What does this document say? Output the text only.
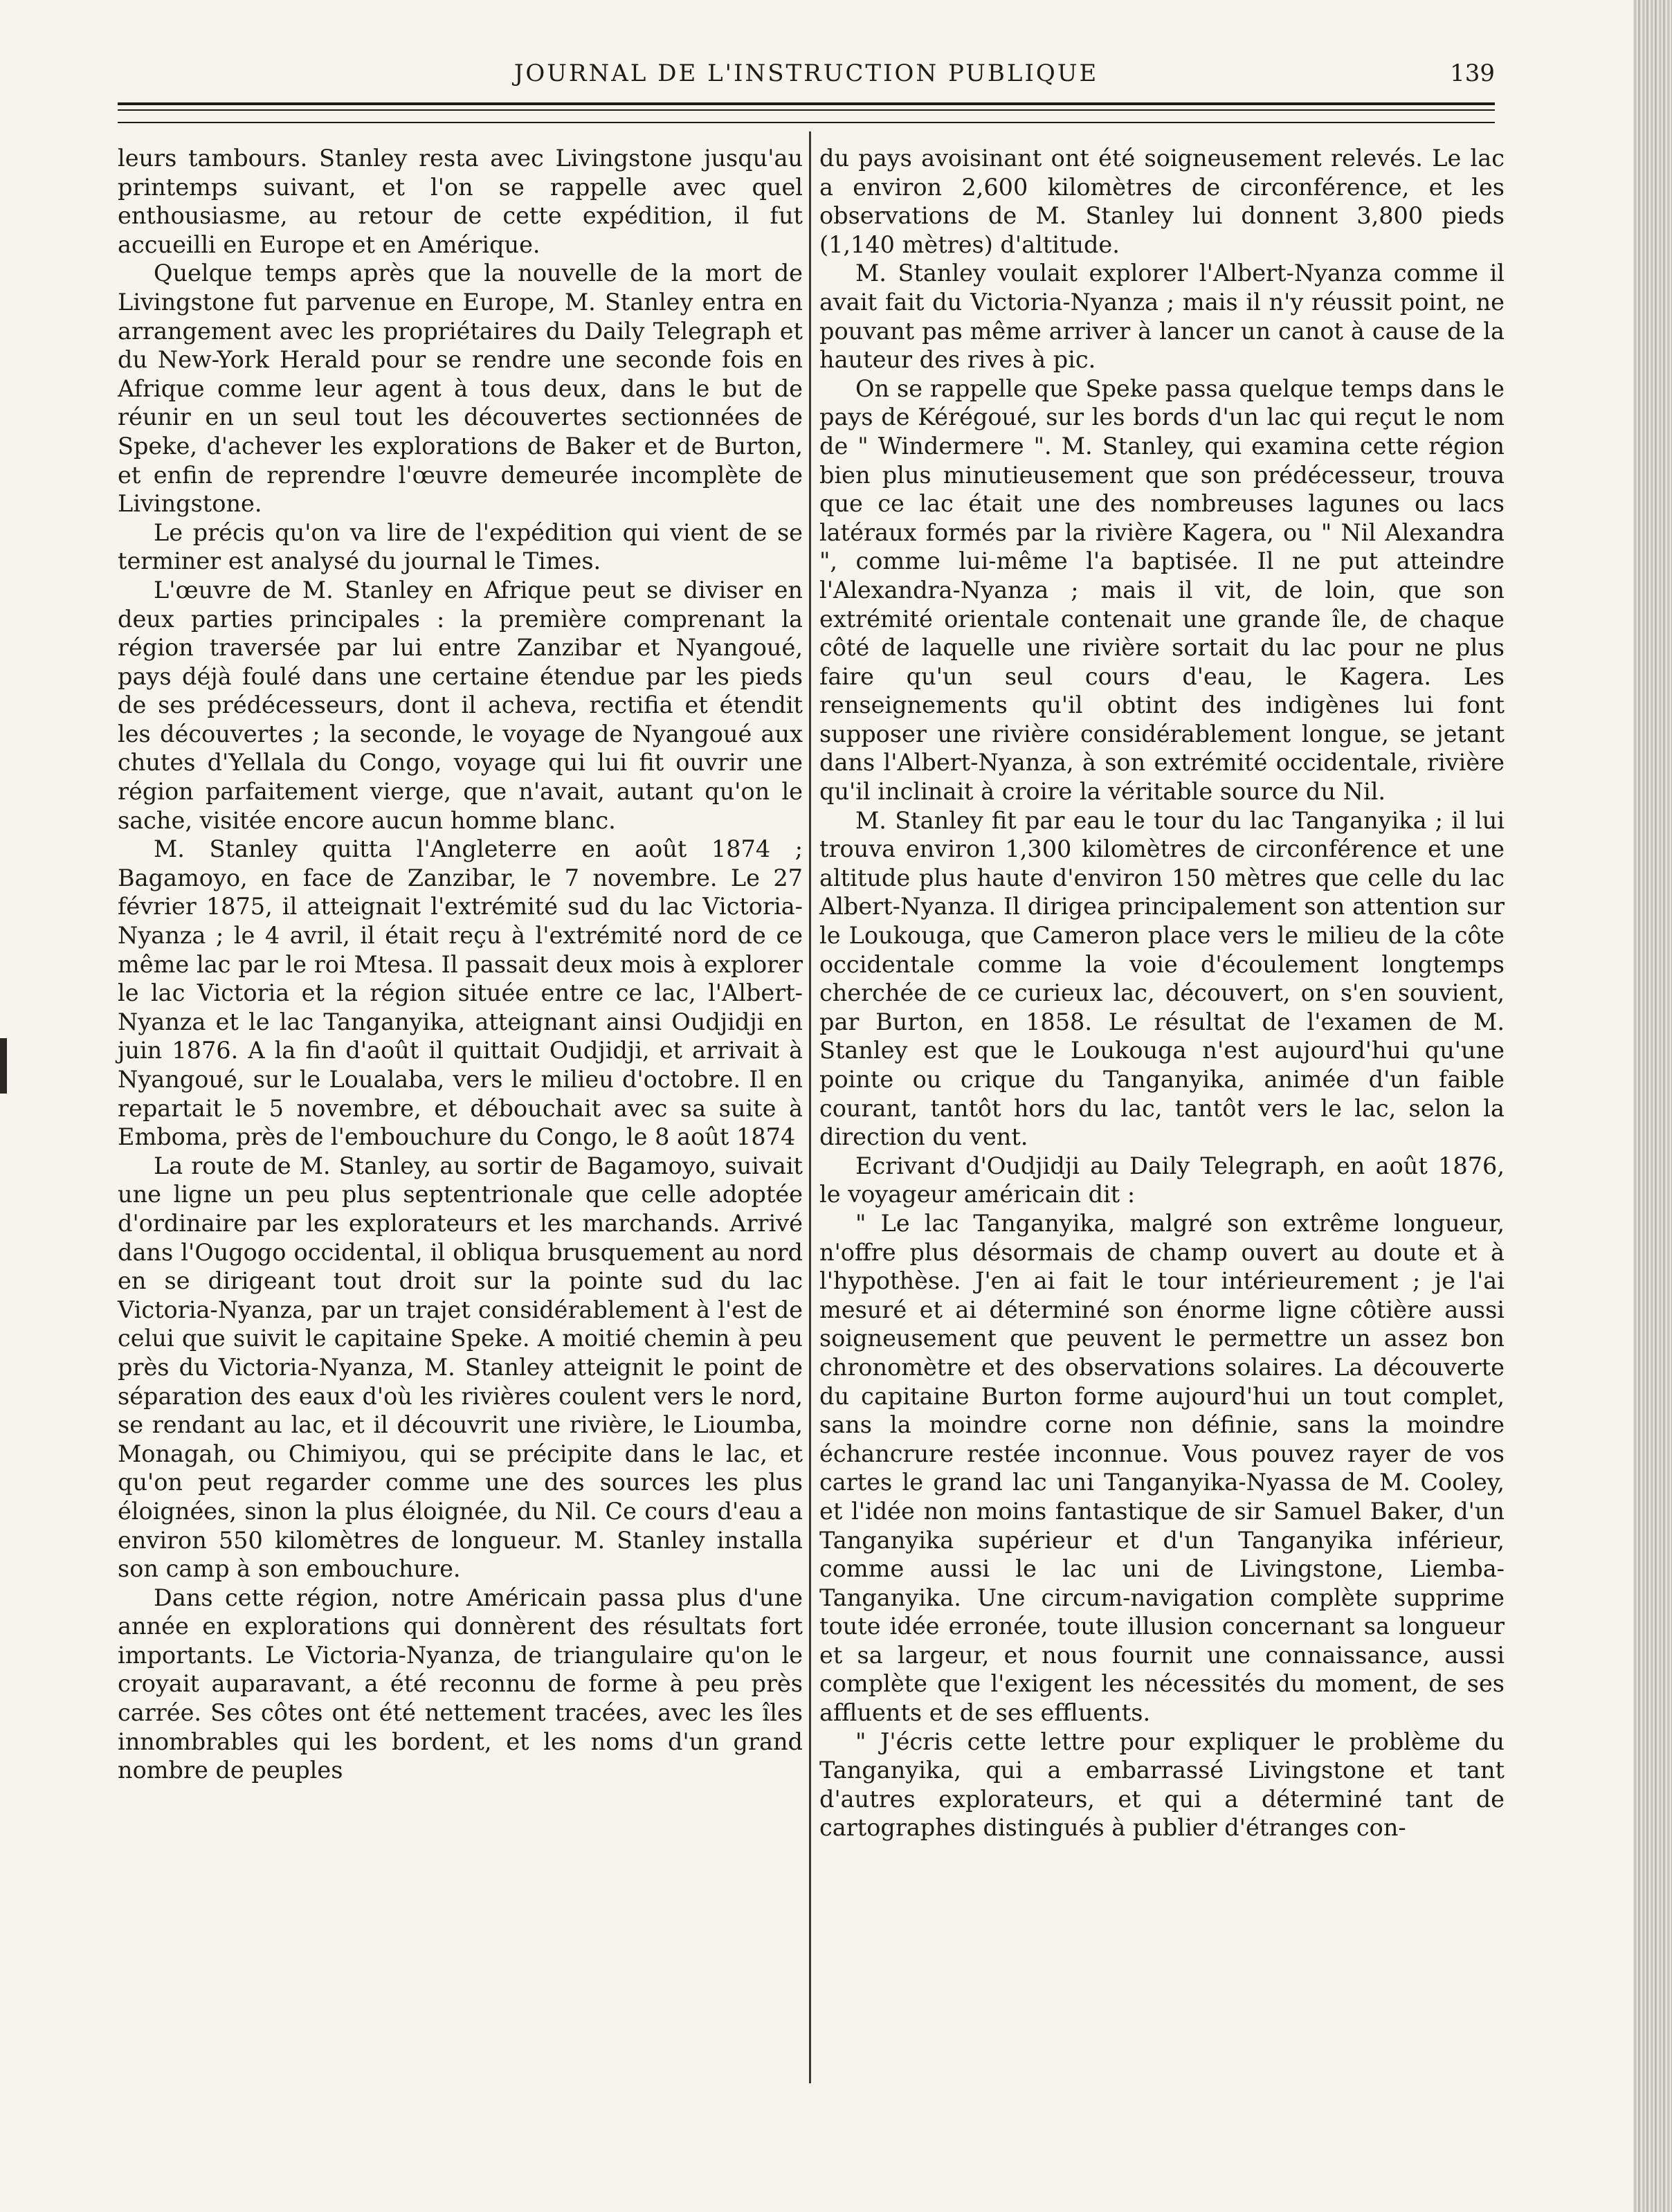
JOURNAL DE L'INSTRUCTION PUBLIQUE	139

leurs tambours. Stanley resta avec Livingstone jusqu'au printemps suivant, et l'on se rappelle avec quel enthousiasme, au retour de cette expédition, il fut accueilli en Europe et en Amérique.

Quelque temps après que la nouvelle de la mort de Livingstone fut parvenue en Europe, M. Stanley entra en arrangement avec les propriétaires du Daily Telegraph et du New-York Herald pour se rendre une seconde fois en Afrique comme leur agent à tous deux, dans le but de réunir en un seul tout les découvertes sectionnées de Speke, d'achever les explorations de Baker et de Burton, et enfin de reprendre l'œuvre demeurée incomplète de Livingstone.

Le précis qu'on va lire de l'expédition qui vient de se terminer est analysé du journal le Times.

L'œuvre de M. Stanley en Afrique peut se diviser en deux parties principales : la première comprenant la région traversée par lui entre Zanzibar et Nyangoué, pays déjà foulé dans une certaine étendue par les pieds de ses prédécesseurs, dont il acheva, rectifia et étendit les découvertes ; la seconde, le voyage de Nyangoué aux chutes d'Yellala du Congo, voyage qui lui fit ouvrir une région parfaitement vierge, que n'avait, autant qu'on le sache, visitée encore aucun homme blanc.

M. Stanley quitta l'Angleterre en août 1874 ; Bagamoyo, en face de Zanzibar, le 7 novembre. Le 27 février 1875, il atteignait l'extrémité sud du lac Victoria-Nyanza ; le 4 avril, il était reçu à l'extrémité nord de ce même lac par le roi Mtesa. Il passait deux mois à explorer le lac Victoria et la région située entre ce lac, l'Albert-Nyanza et le lac Tanganyika, atteignant ainsi Oudjidji en juin 1876. A la fin d'août il quittait Oudjidji, et arrivait à Nyangoué, sur le Loualaba, vers le milieu d'octobre. Il en repartait le 5 novembre, et débouchait avec sa suite à Emboma, près de l'embouchure du Congo, le 8 août 1874

La route de M. Stanley, au sortir de Bagamoyo, suivait une ligne un peu plus septentrionale que celle adoptée d'ordinaire par les explorateurs et les marchands. Arrivé dans l'Ougogo occidental, il obliqua brusquement au nord en se dirigeant tout droit sur la pointe sud du lac Victoria-Nyanza, par un trajet considérablement à l'est de celui que suivit le capitaine Speke. A moitié chemin à peu près du Victoria-Nyanza, M. Stanley atteignit le point de séparation des eaux d'où les rivières coulent vers le nord, se rendant au lac, et il découvrit une rivière, le Lioumba, Monagah, ou Chimiyou, qui se précipite dans le lac, et qu'on peut regarder comme une des sources les plus éloignées, sinon la plus éloignée, du Nil. Ce cours d'eau a environ 550 kilomètres de longueur. M. Stanley installa son camp à son embouchure.

Dans cette région, notre Américain passa plus d'une année en explorations qui donnèrent des résultats fort importants. Le Victoria-Nyanza, de triangulaire qu'on le croyait auparavant, a été reconnu de forme à peu près carrée. Ses côtes ont été nettement tracées, avec les îles innombrables qui les bordent, et les noms d'un grand nombre de peuples

du pays avoisinant ont été soigneusement relevés. Le lac a environ 2,600 kilomètres de circonférence, et les observations de M. Stanley lui donnent 3,800 pieds (1,140 mètres) d'altitude.

M. Stanley voulait explorer l'Albert-Nyanza comme il avait fait du Victoria-Nyanza ; mais il n'y réussit point, ne pouvant pas même arriver à lancer un canot à cause de la hauteur des rives à pic.

On se rappelle que Speke passa quelque temps dans le pays de Kérégoué, sur les bords d'un lac qui reçut le nom de " Windermere ". M. Stanley, qui examina cette région bien plus minutieusement que son prédécesseur, trouva que ce lac était une des nombreuses lagunes ou lacs latéraux formés par la rivière Kagera, ou " Nil Alexandra ", comme lui-même l'a baptisée. Il ne put atteindre l'Alexandra-Nyanza ; mais il vit, de loin, que son extrémité orientale contenait une grande île, de chaque côté de laquelle une rivière sortait du lac pour ne plus faire qu'un seul cours d'eau, le Kagera. Les renseignements qu'il obtint des indigènes lui font supposer une rivière considérablement longue, se jetant dans l'Albert-Nyanza, à son extrémité occidentale, rivière qu'il inclinait à croire la véritable source du Nil.

M. Stanley fit par eau le tour du lac Tanganyika ; il lui trouva environ 1,300 kilomètres de circonférence et une altitude plus haute d'environ 150 mètres que celle du lac Albert-Nyanza. Il dirigea principalement son attention sur le Loukouga, que Cameron place vers le milieu de la côte occidentale comme la voie d'écoulement longtemps cherchée de ce curieux lac, découvert, on s'en souvient, par Burton, en 1858. Le résultat de l'examen de M. Stanley est que le Loukouga n'est aujourd'hui qu'une pointe ou crique du Tanganyika, animée d'un faible courant, tantôt hors du lac, tantôt vers le lac, selon la direction du vent.

Ecrivant d'Oudjidji au Daily Telegraph, en août 1876, le voyageur américain dit :

" Le lac Tanganyika, malgré son extrême longueur, n'offre plus désormais de champ ouvert au doute et à l'hypothèse. J'en ai fait le tour intérieurement ; je l'ai mesuré et ai déterminé son énorme ligne côtière aussi soigneusement que peuvent le permettre un assez bon chronomètre et des observations solaires. La découverte du capitaine Burton forme aujourd'hui un tout complet, sans la moindre corne non définie, sans la moindre échancrure restée inconnue. Vous pouvez rayer de vos cartes le grand lac uni Tanganyika-Nyassa de M. Cooley, et l'idée non moins fantastique de sir Samuel Baker, d'un Tanganyika supérieur et d'un Tanganyika inférieur, comme aussi le lac uni de Livingstone, Liemba-Tanganyika. Une circum-navigation complète supprime toute idée erronée, toute illusion concernant sa longueur et sa largeur, et nous fournit une connaissance, aussi complète que l'exigent les nécessités du moment, de ses affluents et de ses effluents.

" J'écris cette lettre pour expliquer le problème du Tanganyika, qui a embarrassé Livingstone et tant d'autres explorateurs, et qui a déterminé tant de cartographes distingués à publier d'étranges con-
